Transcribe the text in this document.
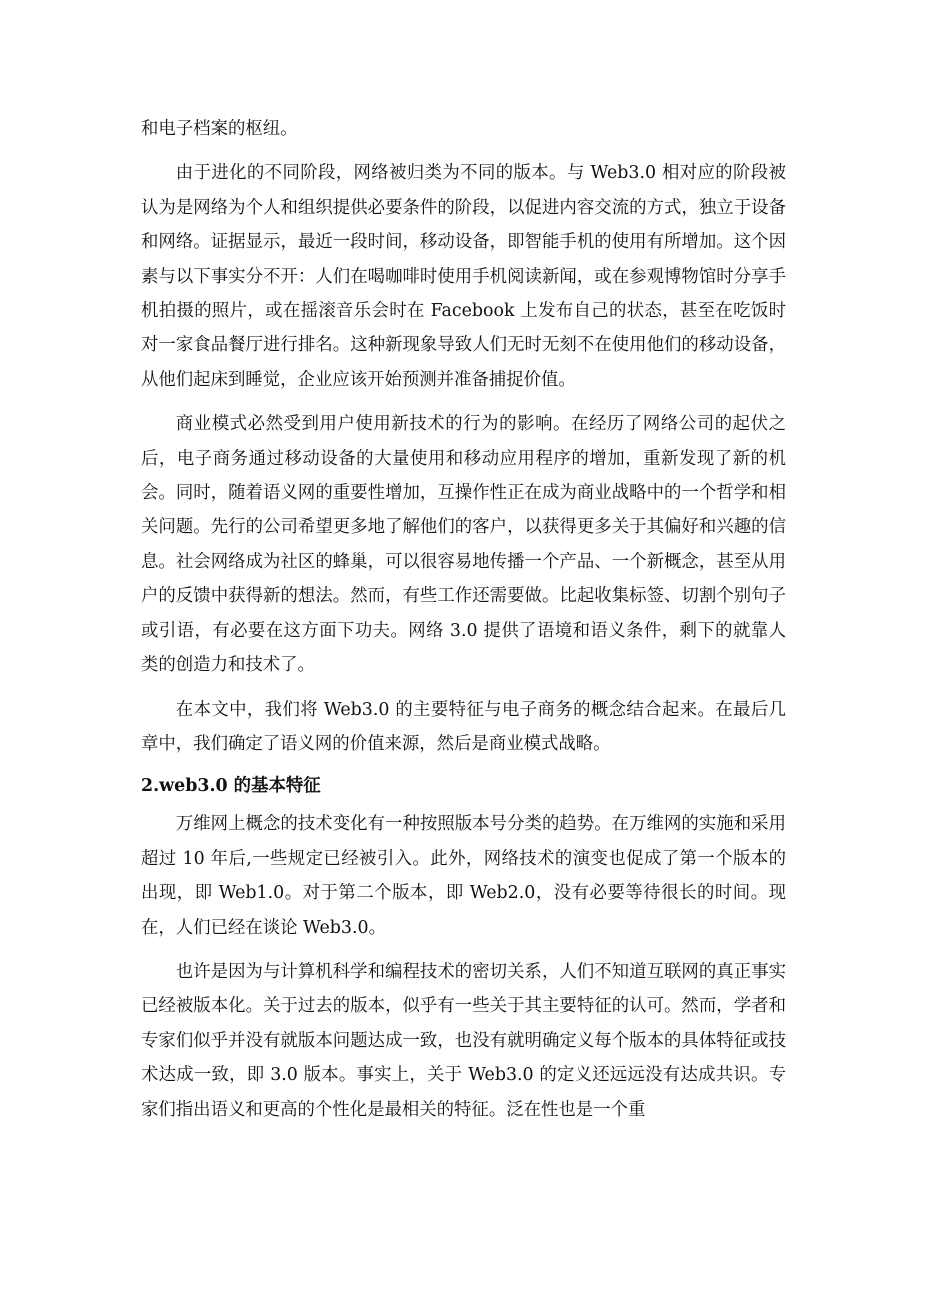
和电子档案的枢纽。

由于进化的不同阶段，网络被归类为不同的版本。与 Web3.0 相对应的阶段被认为是网络为个人和组织提供必要条件的阶段，以促进内容交流的方式，独立于设备和网络。证据显示，最近一段时间，移动设备，即智能手机的使用有所增加。这个因素与以下事实分不开：人们在喝咖啡时使用手机阅读新闻，或在参观博物馆时分享手机拍摄的照片，或在摇滚音乐会时在 Facebook 上发布自己的状态，甚至在吃饭时对一家食品餐厅进行排名。这种新现象导致人们无时无刻不在使用他们的移动设备，从他们起床到睡觉，企业应该开始预测并准备捕捉价值。

商业模式必然受到用户使用新技术的行为的影响。在经历了网络公司的起伏之后，电子商务通过移动设备的大量使用和移动应用程序的增加，重新发现了新的机会。同时，随着语义网的重要性增加，互操作性正在成为商业战略中的一个哲学和相关问题。先行的公司希望更多地了解他们的客户，以获得更多关于其偏好和兴趣的信息。社会网络成为社区的蜂巢，可以很容易地传播一个产品、一个新概念，甚至从用户的反馈中获得新的想法。然而，有些工作还需要做。比起收集标签、切割个别句子或引语，有必要在这方面下功夫。网络 3.0 提供了语境和语义条件，剩下的就靠人类的创造力和技术了。

在本文中，我们将 Web3.0 的主要特征与电子商务的概念结合起来。在最后几章中，我们确定了语义网的价值来源，然后是商业模式战略。

2.web3.0 的基本特征

万维网上概念的技术变化有一种按照版本号分类的趋势。在万维网的实施和采用超过 10 年后,一些规定已经被引入。此外，网络技术的演变也促成了第一个版本的出现，即 Web1.0。对于第二个版本，即 Web2.0，没有必要等待很长的时间。现在，人们已经在谈论 Web3.0。

也许是因为与计算机科学和编程技术的密切关系，人们不知道互联网的真正事实已经被版本化。关于过去的版本，似乎有一些关于其主要特征的认可。然而，学者和专家们似乎并没有就版本问题达成一致，也没有就明确定义每个版本的具体特征或技术达成一致，即 3.0 版本。事实上，关于 Web3.0 的定义还远远没有达成共识。专家们指出语义和更高的个性化是最相关的特征。泛在性也是一个重
